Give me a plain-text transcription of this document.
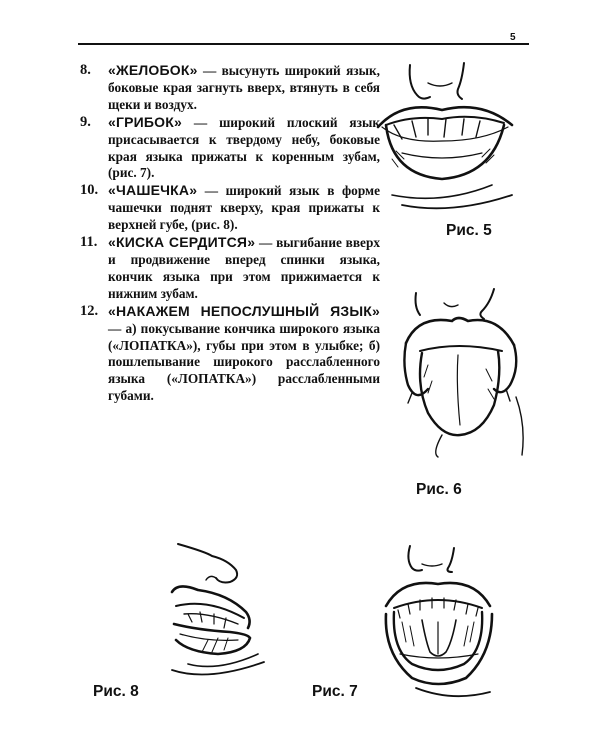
5
8.	«ЖЕЛОБОК» — высунуть широкий язык, боковые края загнуть вверх, втянуть в себя щеки и воздух.
9.	«ГРИБОК» — широкий плоский язык присасывается к твердому небу, боковые края языка прижаты к коренным зубам, (рис. 7).
10. «ЧАШЕЧКА» — широкий язык в форме чашечки поднят кверху, края прижаты к верхней губе, (рис. 8).
11. «КИСКА СЕРДИТСЯ» — выгибание вверх и продвижение вперед спинки языка, кончик языка при этом прижимается к нижним зубам.
12. «НАКАЖЕМ НЕПОСЛУШНЫЙ ЯЗЫК» — а) покусывание кончика широкого языка («ЛОПАТКА»), губы при этом в улыбке; б) пошлепывание широкого расслабленного языка («ЛОПАТКА») расслабленными губами.
Рис. 5
Рис. 6
Рис. 8	Рис. 7
